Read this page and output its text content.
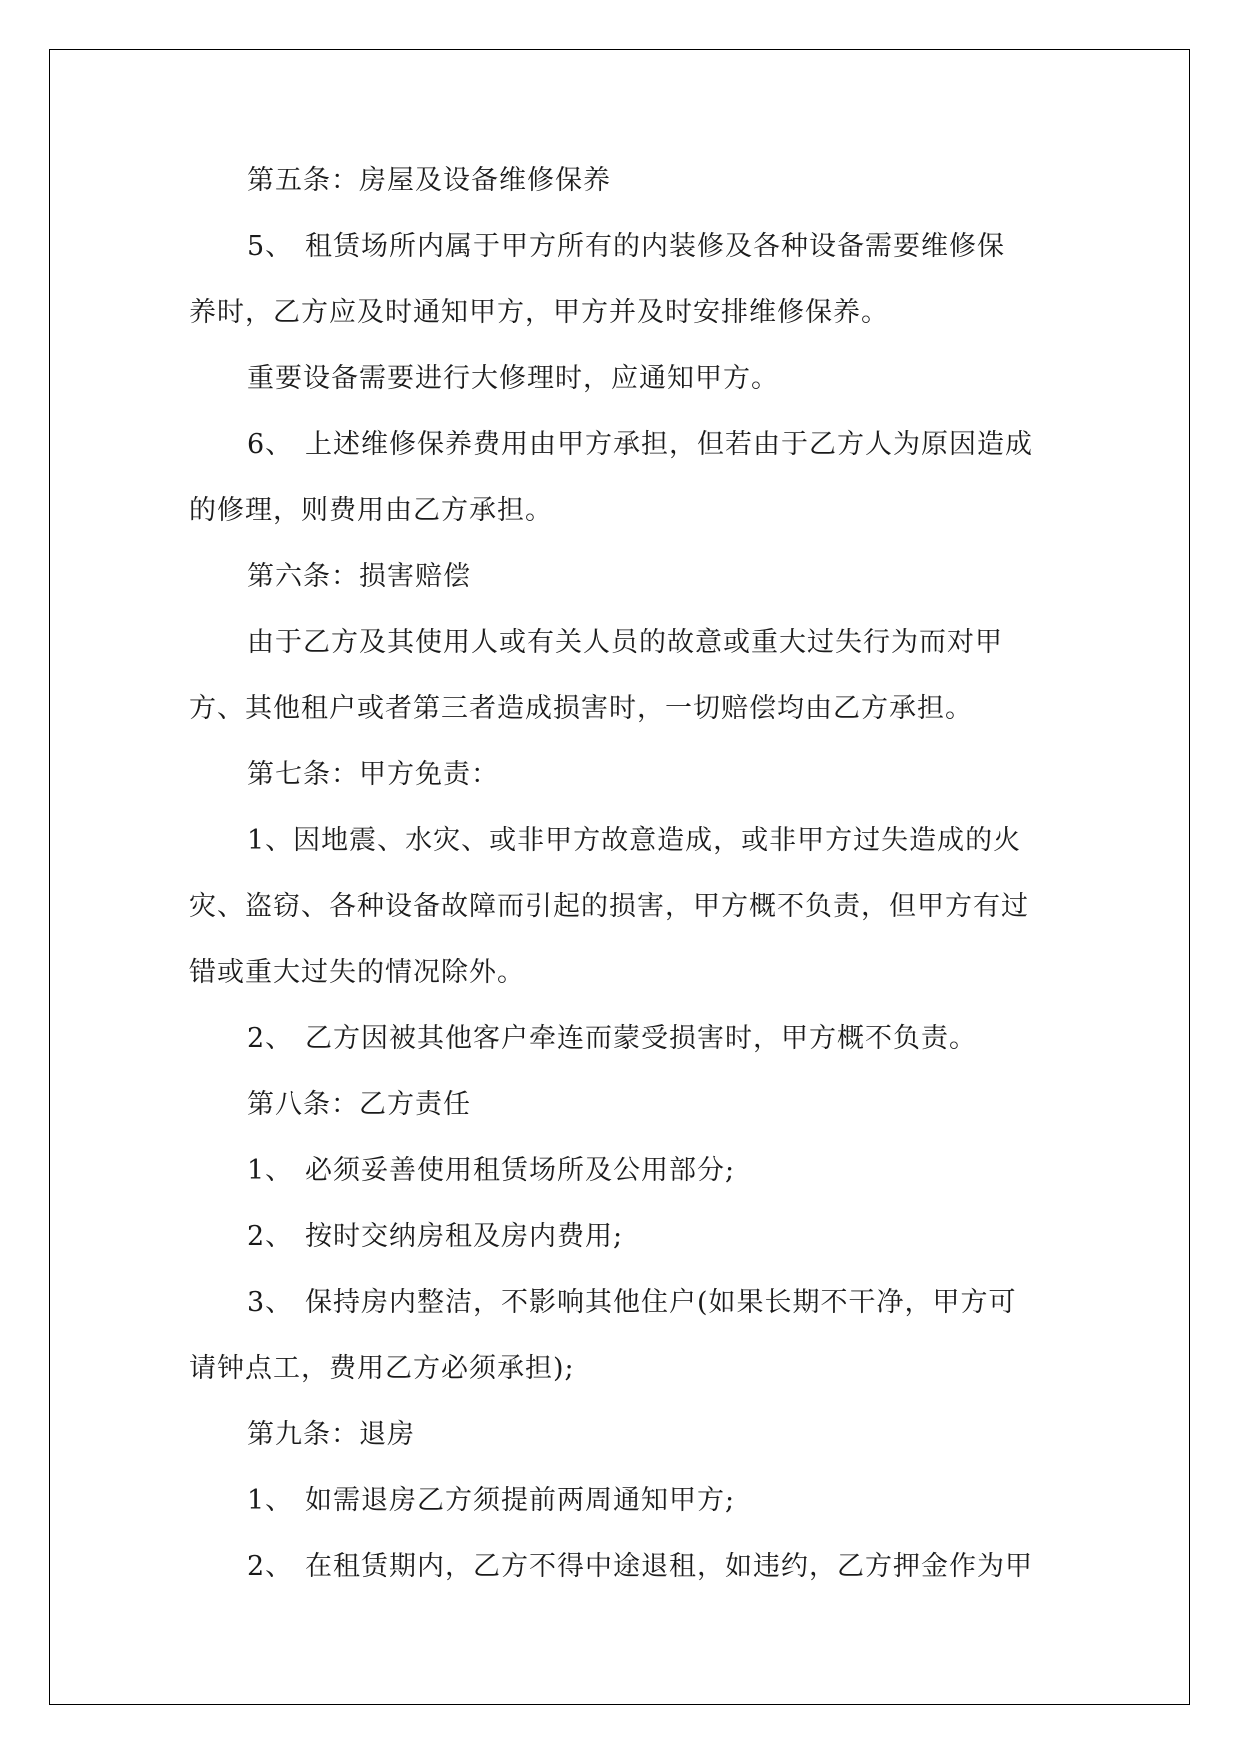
第五条：房屋及设备维修保养
5、 租赁场所内属于甲方所有的内装修及各种设备需要维修保
养时，乙方应及时通知甲方，甲方并及时安排维修保养。
重要设备需要进行大修理时，应通知甲方。
6、 上述维修保养费用由甲方承担，但若由于乙方人为原因造成
的修理，则费用由乙方承担。
第六条：损害赔偿
由于乙方及其使用人或有关人员的故意或重大过失行为而对甲
方、其他租户或者第三者造成损害时，一切赔偿均由乙方承担。
第七条：甲方免责：
1、因地震、水灾、或非甲方故意造成，或非甲方过失造成的火
灾、盗窃、各种设备故障而引起的损害，甲方概不负责，但甲方有过
错或重大过失的情况除外。
2、 乙方因被其他客户牵连而蒙受损害时，甲方概不负责。
第八条：乙方责任
1、 必须妥善使用租赁场所及公用部分;
2、 按时交纳房租及房内费用;
3、 保持房内整洁，不影响其他住户(如果长期不干净，甲方可
请钟点工，费用乙方必须承担);
第九条：退房
1、 如需退房乙方须提前两周通知甲方;
2、 在租赁期内，乙方不得中途退租，如违约，乙方押金作为甲
